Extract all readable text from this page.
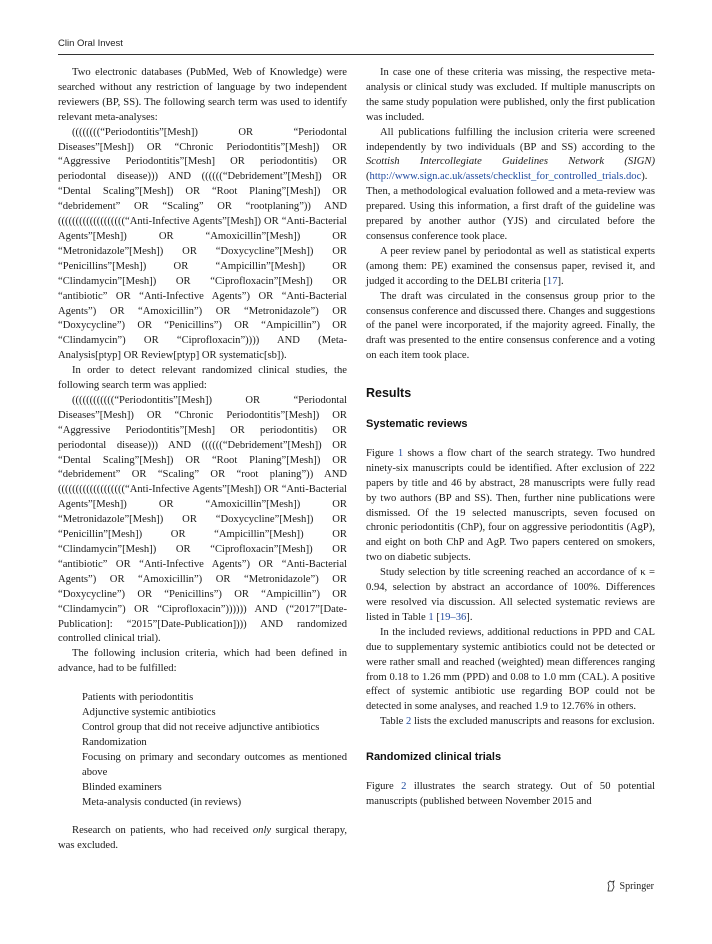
Clin Oral Invest

Two electronic databases (PubMed, Web of Knowledge) were searched without any restriction of language by two independent reviewers (BP, SS). The following search term was used to identify relevant meta-analyses:

((((((((“Periodontitis”[Mesh]) OR “Periodontal Diseases”[Mesh]) OR “Chronic Periodontitis”[Mesh]) OR “Aggressive Periodontitis”[Mesh] OR periodontitis) OR periodontal disease))) AND ((((((“Debridement”[Mesh]) OR “Dental Scaling”[Mesh]) OR “Root Planing”[Mesh]) OR “debridement” OR “Scaling” OR “rootplaning”)) AND (((((((((((((((((((“Anti-Infective Agents”[Mesh]) OR “Anti-Bacterial Agents”[Mesh]) OR “Amoxicillin”[Mesh]) OR “Metronidazole”[Mesh]) OR “Doxycycline”[Mesh]) OR “Penicillins”[Mesh]) OR “Ampicillin”[Mesh]) OR “Clindamycin”[Mesh]) OR “Ciprofloxacin”[Mesh]) OR “antibiotic” OR “Anti-Infective Agents”) OR “Anti-Bacterial Agents”) OR “Amoxicillin”) OR “Metronidazole”) OR “Doxycycline”) OR “Penicillins”) OR “Ampicillin”) OR “Clindamycin”) OR “Ciprofloxacin”)))) AND (Meta-Analysis[ptyp] OR Review[ptyp] OR systematic[sb]).

In order to detect relevant randomized clinical studies, the following search term was applied:

((((((((((((“Periodontitis”[Mesh]) OR “Periodontal Diseases”[Mesh]) OR “Chronic Periodontitis”[Mesh]) OR “Aggressive Periodontitis”[Mesh] OR periodontitis) OR periodontal disease))) AND ((((((“Debridement”[Mesh]) OR “Dental Scaling”[Mesh]) OR “Root Planing”[Mesh]) OR “debridement” OR “Scaling” OR “root planing”)) AND (((((((((((((((((((“Anti-Infective Agents”[Mesh]) OR “Anti-Bacterial Agents”[Mesh]) OR “Amoxicillin”[Mesh]) OR “Metronidazole”[Mesh]) OR “Doxycycline”[Mesh]) OR “Penicillin”[Mesh]) OR “Ampicillin”[Mesh]) OR “Clindamycin”[Mesh]) OR “Ciprofloxacin”[Mesh]) OR “antibiotic” OR “Anti-Infective Agents”) OR “Anti-Bacterial Agents”) OR “Amoxicillin”) OR “Metronidazole”) OR “Doxycycline”) OR “Penicillins”) OR “Ampicillin”) OR “Clindamycin”) OR “Ciprofloxacin”)))))) AND (“2017”[Date-Publication]: “2015”[Date-Publication]))) AND randomized controlled clinical trial).

The following inclusion criteria, which had been defined in advance, had to be fulfilled:

Patients with periodontitis
Adjunctive systemic antibiotics
Control group that did not receive adjunctive antibiotics
Randomization
Focusing on primary and secondary outcomes as mentioned above
Blinded examiners
Meta-analysis conducted (in reviews)

Research on patients, who had received only surgical therapy, was excluded.

In case one of these criteria was missing, the respective meta-analysis or clinical study was excluded. If multiple manuscripts on the same study population were published, only the first publication was included.

All publications fulfilling the inclusion criteria were screened independently by two individuals (BP and SS) according to the Scottish Intercollegiate Guidelines Network (SIGN) (http://www.sign.ac.uk/assets/checklist_for_controlled_trials.doc). Then, a methodological evaluation followed and a meta-review was prepared. Using this information, a first draft of the guideline was prepared by another author (YJS) and circulated before the consensus conference took place.

A peer review panel by periodontal as well as statistical experts (among them: PE) examined the consensus paper, revised it, and judged it according to the DELBI criteria [17].

The draft was circulated in the consensus group prior to the consensus conference and discussed there. Changes and suggestions of the panel were incorporated, if the majority agreed. Finally, the draft was presented to the entire consensus conference and a voting on each item took place.

Results
Systematic reviews

Figure 1 shows a flow chart of the search strategy. Two hundred ninety-six manuscripts could be identified. After exclusion of 222 papers by title and 46 by abstract, 28 manuscripts were fully read by two authors (BP and SS). Then, further nine publications were dismissed. Of the 19 selected manuscripts, seven focused on chronic periodontitis (ChP), four on aggressive periodontitis (AgP), and eight on both ChP and AgP. Two papers centered on smokers, two on diabetic subjects.

Study selection by title screening reached an accordance of κ = 0.94, selection by abstract an accordance of 100%. Differences were resolved via discussion. All selected systematic reviews are listed in Table 1 [19–36].

In the included reviews, additional reductions in PPD and CAL due to supplementary systemic antibiotics could not be detected or were rather small and reached (weighted) mean differences ranging from 0.18 to 1.26 mm (PPD) and 0.08 to 1.0 mm (CAL). A positive effect of systemic antibiotic use regarding BOP could not be detected in some analyses, and reached 1.9 to 12.76% in others.

Table 2 lists the excluded manuscripts and reasons for exclusion.

Randomized clinical trials

Figure 2 illustrates the search strategy. Out of 50 potential manuscripts (published between November 2015 and

Springer
